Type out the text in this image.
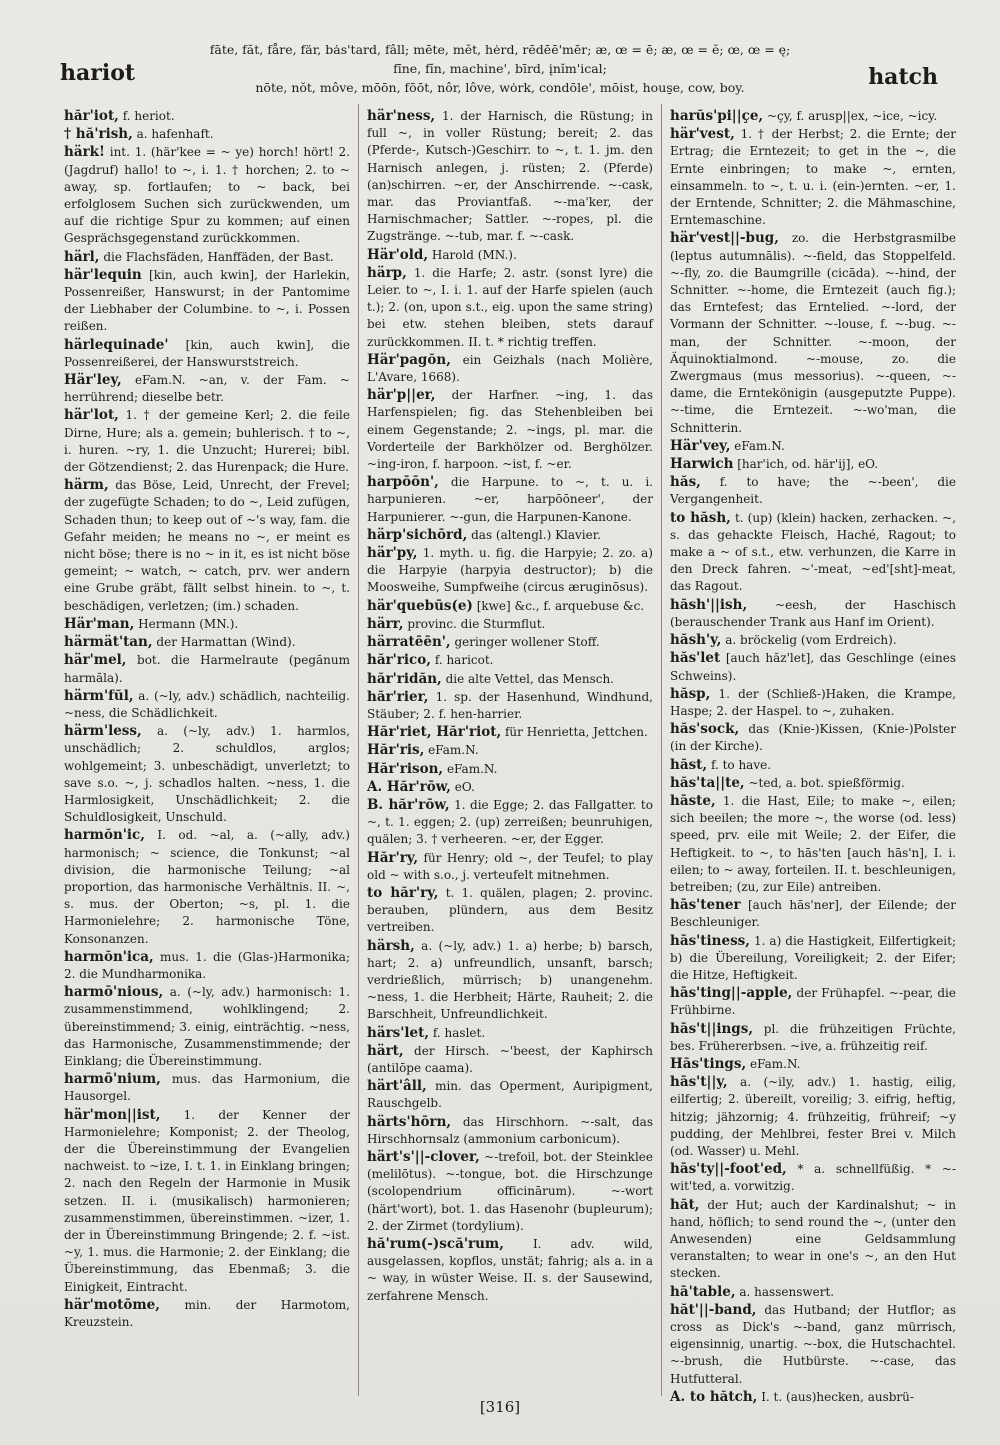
hariot
fāte, făt, fåre, fär, bȧs'tard, fâll; mēte, mĕt, hėrd, rēdēē'mēr; æ, œ = ē; æ, œ = ĕ; œ, œ = ę;
fīne, fĭn, machine', bīrd, įnĭm'ical;
nōte, nŏt, môve, mōōn, fōōt, nôr, lôve, wȯrk, condōle', mōist, hous̱e, cow, boy.	hatch

hăr'iot, f. heriot.

† hă'rish, a. hafenhaft.

härk! int. 1. (här'kee = ~ ye) horch! hört! 2. (Jagdruf) hallo! to ~, i. 1. † horchen; 2. to ~ away, sp. fortlaufen; to ~ back, bei erfolglosem Suchen sich zurückwenden, um auf die richtige Spur zu kommen; auf einen Gesprächsgegenstand zurückkommen.

härl, die Flachsfäden, Hanffäden, der Bast.

här'lequin [kin, auch kwin], der Harlekin, Possenreißer, Hanswurst; in der Pantomime der Liebhaber der Columbine. to ~, i. Possen reißen.

härlequinade' [kin, auch kwin], die Possenreißerei, der Hanswurststreich.

Här'ley, eFam.N. ~an, v. der Fam. ~ herrührend; dieselbe betr.

här'lot, 1. † der gemeine Kerl; 2. die feile Dirne, Hure; als a. gemein; buhlerisch. † to ~, i. huren. ~ry, 1. die Unzucht; Hurerei; bibl. der Götzendienst; 2. das Hurenpack; die Hure.

härm, das Böse, Leid, Unrecht, der Frevel; der zugefügte Schaden; to do ~, Leid zufügen, Schaden thun; to keep out of ~'s way, fam. die Gefahr meiden; he means no ~, er meint es nicht böse; there is no ~ in it, es ist nicht böse gemeint; ~ watch, ~ catch, prv. wer andern eine Grube gräbt, fällt selbst hinein. to ~, t. beschädigen, verletzen; (im.) schaden.

Här'man, Hermann (MN.).

härmät'tan, der Harmattan (Wind).

här'mel, bot. die Harmelraute (pegănum harmăla).

härm'fŭl, a. (~ly, adv.) schädlich, nachteilig. ~ness, die Schädlichkeit.

härm'less, a. (~ly, adv.) 1. harmlos, unschädlich; 2. schuldlos, arglos; wohlgemeint; 3. unbeschädigt, unverletzt; to save s.o. ~, j. schadlos halten. ~ness, 1. die Harmlosigkeit, Unschädlichkeit; 2. die Schuldlosigkeit, Unschuld.

harmŏn'ic, I. od. ~al, a. (~ally, adv.) harmonisch; ~ science, die Tonkunst; ~al division, die harmonische Teilung; ~al proportion, das harmonische Verhältnis. II. ~, s. mus. der Oberton; ~s, pl. 1. die Harmonielehre; 2. harmonische Töne, Konsonanzen.

harmŏn'ica, mus. 1. die (Glas-)Harmonika; 2. die Mundharmonika.

harmō'nious, a. (~ly, adv.) harmonisch: 1. zusammenstimmend, wohlklingend; 2. übereinstimmend; 3. einig, einträchtig. ~ness, das Harmonische, Zusammenstimmende; der Einklang; die Übereinstimmung.

harmō'nium, mus. das Harmonium, die Hausorgel.

här'mon||ist, 1. der Kenner der Harmonielehre; Komponist; 2. der Theolog, der die Übereinstimmung der Evangelien nachweist. to ~ize, I. t. 1. in Einklang bringen; 2. nach den Regeln der Harmonie in Musik setzen. II. i. (musikalisch) harmonieren; zusammenstimmen, übereinstimmen. ~izer, 1. der in Übereinstimmung Bringende; 2. f. ~ist. ~y, 1. mus. die Harmonie; 2. der Einklang; die Übereinstimmung, das Ebenmaß; 3. die Einigkeit, Eintracht.

här'motōme, min. der Harmotom, Kreuzstein.

här'ness, 1. der Harnisch, die Rüstung; in full ~, in voller Rüstung; bereit; 2. das (Pferde-, Kutsch-)Geschirr. to ~, t. 1. jm. den Harnisch anlegen, j. rüsten; 2. (Pferde) (an)schirren. ~er, der Anschirrende. ~-cask, mar. das Proviantfaß. ~-ma'ker, der Harnischmacher; Sattler. ~-ropes, pl. die Zugstränge. ~-tub, mar. f. ~-cask.

Här'old, Harold (MN.).

härp, 1. die Harfe; 2. astr. (sonst lyre) die Leier. to ~, I. i. 1. auf der Harfe spielen (auch t.); 2. (on, upon s.t., eig. upon the same string) bei etw. stehen bleiben, stets darauf zurückkommen. II. t. * richtig treffen.

Här'pagŏn, ein Geizhals (nach Molière, L'Avare, 1668).

här'p||er, der Harfner. ~ing, 1. das Harfenspielen; fig. das Stehenbleiben bei einem Gegenstande; 2. ~ings, pl. mar. die Vorderteile der Barkhölzer od. Berghölzer. ~ing-iron, f. harpoon. ~ist, f. ~er.

harpōōn', die Harpune. to ~, t. u. i. harpunieren. ~er, harpōōneer', der Harpunierer. ~-gun, die Harpunen-Kanone.

härp'sichōrd, das (altengl.) Klavier.

här'py, 1. myth. u. fig. die Harpyie; 2. zo. a) die Harpyie (harpyia destructor); b) die Moosweihe, Sumpfweihe (circus æruginōsus).

här'quebūs(e) [kwe] &c., f. arquebuse &c.

härr, provinc. die Sturmflut.

härratēēn', geringer wollener Stoff.

hăr'rico, f. haricot.

hăr'ridăn, die alte Vettel, das Mensch.

hăr'rier, 1. sp. der Hasenhund, Windhund, Stäuber; 2. f. hen-harrier.

Hăr'riet, Hăr'riot, für Henrietta, Jettchen.

Hăr'ris, eFam.N.

Hăr'rison, eFam.N.

A. Hăr'rōw, eO.

B. hăr'rōw, 1. die Egge; 2. das Fallgatter. to ~, t. 1. eggen; 2. (up) zerreißen; beunruhigen, quälen; 3. † verheeren. ~er, der Egger.

Hăr'ry, für Henry; old ~, der Teufel; to play old ~ with s.o., j. verteufelt mitnehmen.

to hăr'ry, t. 1. quälen, plagen; 2. provinc. berauben, plündern, aus dem Besitz vertreiben.

härsh, a. (~ly, adv.) 1. a) herbe; b) barsch, hart; 2. a) unfreundlich, unsanft, barsch; verdrießlich, mürrisch; b) unangenehm. ~ness, 1. die Herbheit; Härte, Rauheit; 2. die Barschheit, Unfreundlichkeit.

härs'let, f. haslet.

härt, der Hirsch. ~'beest, der Kaphirsch (antilōpe caama).

härt'âll, min. das Operment, Auripigment, Rauschgelb.

härts'hōrn, das Hirschhorn. ~-salt, das Hirschhornsalz (ammonium carbonicum).

härt's'||-clover, ~-trefoil, bot. der Steinklee (melilōtus). ~-tongue, bot. die Hirschzunge (scolopendrium officinārum). ~-wort (härt'wort), bot. 1. das Hasenohr (bupleurum); 2. der Zirmet (tordylium).

hă'rum(-)scă'rum, I. adv. wild, ausgelassen, kopflos, unstät; fahrig; als a. in a ~ way, in wüster Weise. II. s. der Sausewind, zerfahrene Mensch.

harŭs'pi||çe, ~çy, f. arusp||ex, ~ice, ~icy.

här'vest, 1. † der Herbst; 2. die Ernte; der Ertrag; die Erntezeit; to get in the ~, die Ernte einbringen; to make ~, ernten, einsammeln. to ~, t. u. i. (ein-)ernten. ~er, 1. der Erntende, Schnitter; 2. die Mähmaschine, Erntemaschine.

här'vest||-bug, zo. die Herbstgrasmilbe (leptus autumnālis). ~-field, das Stoppelfeld. ~-fly, zo. die Baumgrille (cicāda). ~-hind, der Schnitter. ~-home, die Erntezeit (auch fig.); das Erntefest; das Erntelied. ~-lord, der Vormann der Schnitter. ~-louse, f. ~-bug. ~-man, der Schnitter. ~-moon, der Äquinoktialmond. ~-mouse, zo. die Zwergmaus (mus messorius). ~-queen, ~-dame, die Erntekönigin (ausgeputzte Puppe). ~-time, die Erntezeit. ~-wo'man, die Schnitterin.

Här'vey, eFam.N.

Harwich [har'ich, od. här'ij], eO.

hăs, f. to have; the ~-been', die Vergangenheit.

to hăsh, t. (up) (klein) hacken, zerhacken. ~, s. das gehackte Fleisch, Haché, Ragout; to make a ~ of s.t., etw. verhunzen, die Karre in den Dreck fahren. ~'-meat, ~ed'[sht]-meat, das Ragout.

hăsh'||ish, ~eesh, der Haschisch (berauschender Trank aus Hanf im Orient).

hăsh'y, a. bröckelig (vom Erdreich).

hăs'let [auch hăz'let], das Geschlinge (eines Schweins).

hăsp, 1. der (Schließ-)Haken, die Krampe, Haspe; 2. der Haspel. to ~, zuhaken.

hăs'sock, das (Knie-)Kissen, (Knie-)Polster (in der Kirche).

hăst, f. to have.

hăs'ta||te, ~ted, a. bot. spießförmig.

hāste, 1. die Hast, Eile; to make ~, eilen; sich beeilen; the more ~, the worse (od. less) speed, prv. eile mit Weile; 2. der Eifer, die Heftigkeit. to ~, to hās'ten [auch hās'n], I. i. eilen; to ~ away, forteilen. II. t. beschleunigen, betreiben; (zu, zur Eile) antreiben.

hās'tener [auch hās'ner], der Eilende; der Beschleuniger.

hās'tiness, 1. a) die Hastigkeit, Eilfertigkeit; b) die Übereilung, Voreiligkeit; 2. der Eifer; die Hitze, Heftigkeit.

hās'ting||-apple, der Frühapfel. ~-pear, die Frühbirne.

hās't||ings, pl. die frühzeitigen Früchte, bes. Frühererbsen. ~ive, a. frühzeitig reif.

Hās'tings, eFam.N.

hās't||y, a. (~ily, adv.) 1. hastig, eilig, eilfertig; 2. übereilt, voreilig; 3. eifrig, heftig, hitzig; jähzornig; 4. frühzeitig, frühreif; ~y pudding, der Mehlbrei, fester Brei v. Milch (od. Wasser) u. Mehl.

hās'ty||-foot'ed, * a. schnellfüßig. * ~-wit'ted, a. vorwitzig.

hăt, der Hut; auch der Kardinalshut; ~ in hand, höflich; to send round the ~, (unter den Anwesenden) eine Geldsammlung veranstalten; to wear in one's ~, an den Hut stecken.

hā'table, a. hassenswert.

hăt'||-band, das Hutband; der Hutflor; as cross as Dick's ~-band, ganz mürrisch, eigensinnig, unartig. ~-box, die Hutschachtel. ~-brush, die Hutbürste. ~-case, das Hutfutteral.

A. to hătch, I. t. (aus)hecken, ausbrü-

[316]
